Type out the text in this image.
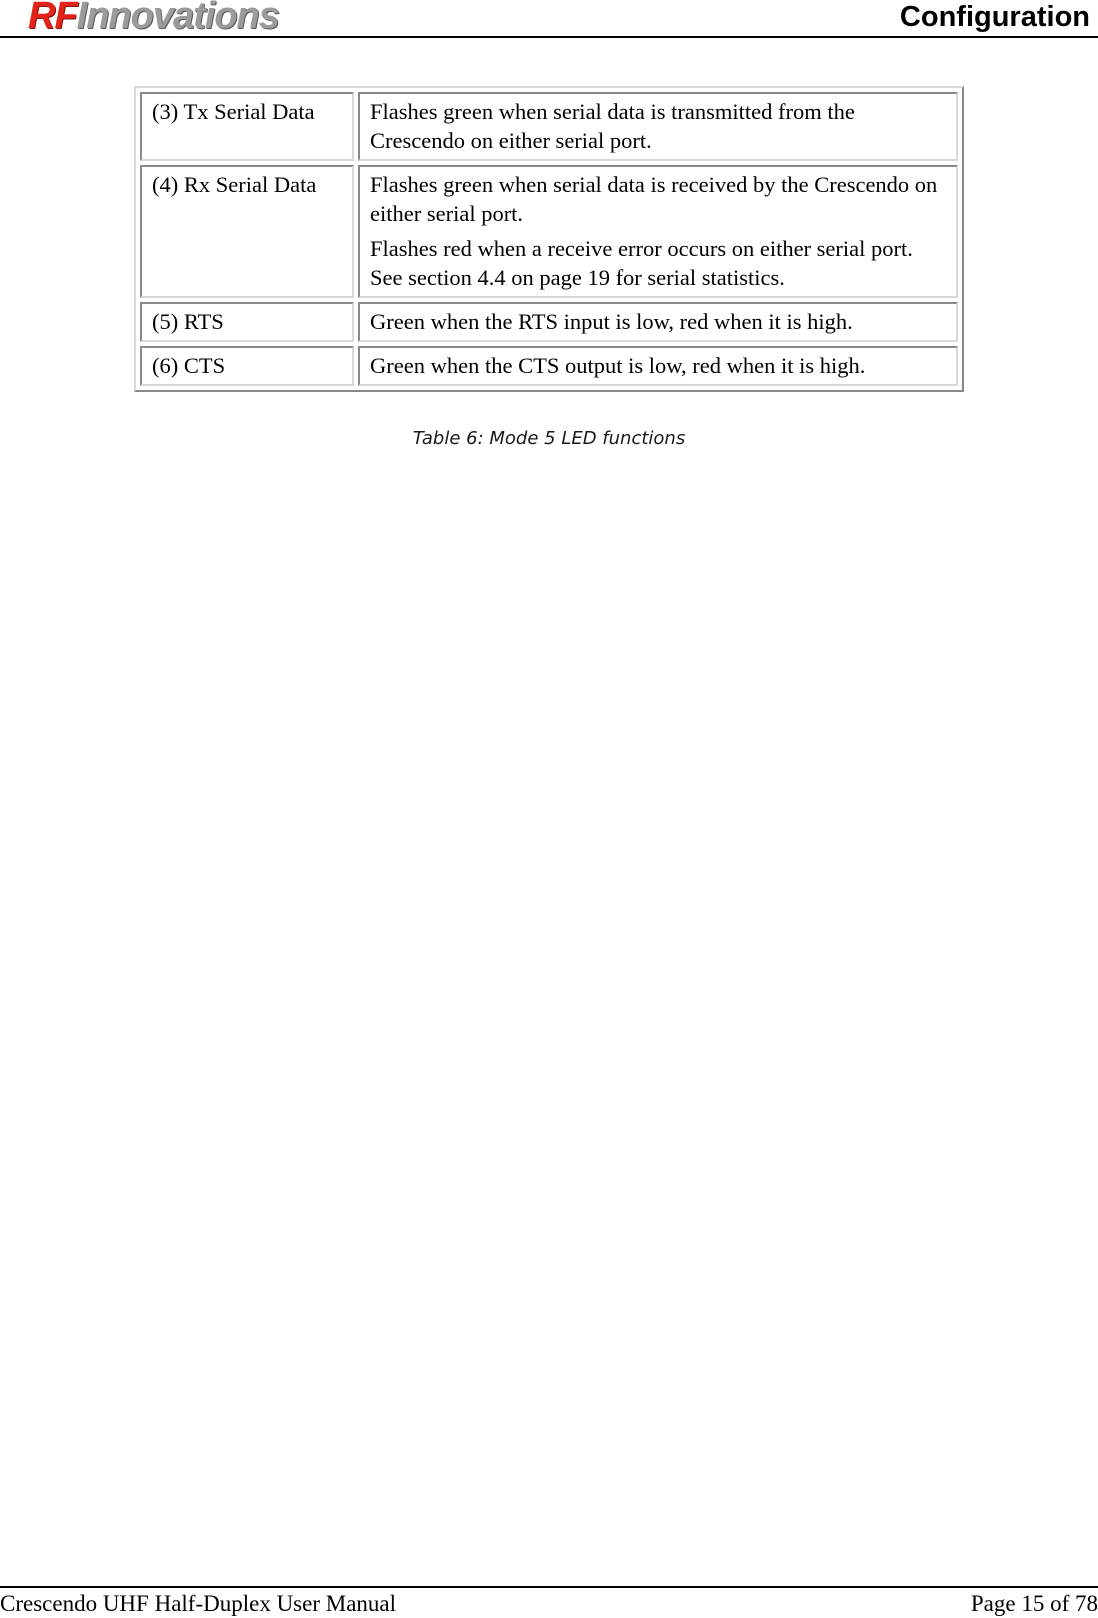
RFInnovations	Configuration
(3) Tx Serial Data	Flashes green when serial data is transmitted from the Crescendo on either serial port.

(4) Rx Serial Data	Flashes green when serial data is received by the Crescendo on either serial port.
Flashes red when a receive error occurs on either serial port. See section 4.4 on page 19 for serial statistics.

(5) RTS	Green when the RTS input is low, red when it is high.

(6) CTS	Green when the CTS output is low, red when it is high.
Table 6: Mode 5 LED functions
Crescendo UHF Half-Duplex User Manual	Page 15 of 78
